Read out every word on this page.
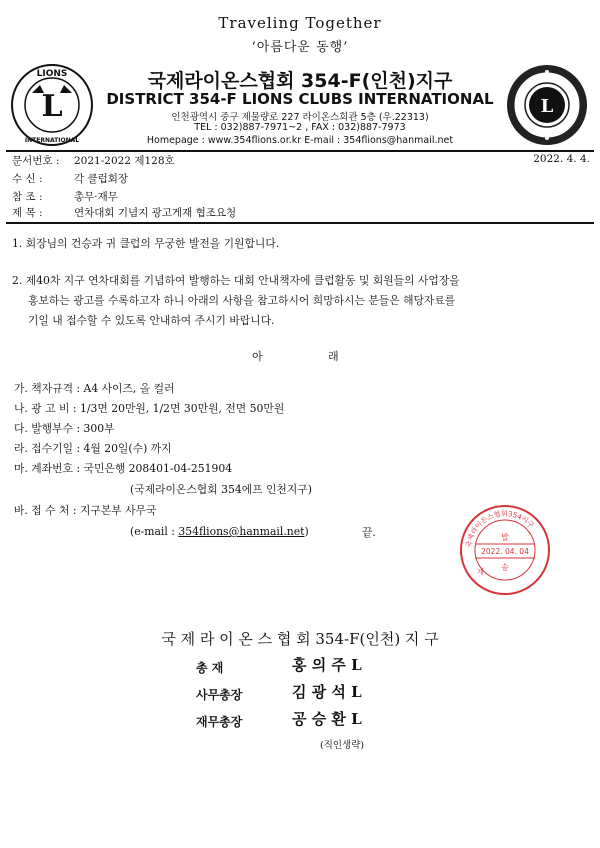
Traveling Together
‘아름다운 동행’
L
LIONS
INTERNATIONAL
L
국제라이온스협회 354-F(인천)지구
DISTRICT 354-F LIONS CLUBS INTERNATIONAL
인천광역시 중구 제물량로 227 라이온스회관 5층 (우.22313)
TEL : 032)887-7971~2 , FAX : 032)887-7973
Homepage : www.354flions.or.kr E-mail : 354flions@hanmail.net
문서번호 : 2021-2022 제128호	2022. 4. 4.
수 신 :	각 클럽회장
참 조 :	총무·재무
제 목 :	연차대회 기념지 광고게재 협조요청
1. 회장님의 건승과 귀 클럽의 무궁한 발전을 기원합니다.
2. 제40차 지구 연차대회를 기념하여 발행하는 대회 안내책자에 클럽활동 및 회원들의 사업장을
홍보하는 광고를 수록하고자 하니 아래의 사항을 참고하시어 희망하시는 분들은 해당자료를
기일 내 접수할 수 있도록 안내하여 주시기 바랍니다.
아	래
가. 책자규격 : A4 사이즈, 올 컬러
나. 광 고 비 : 1/3면 20만원, 1/2면 30만원, 전면 50만원
다. 발행부수 : 300부
라. 접수기일 : 4월 20일(수) 까지
마. 계좌번호 : 국민은행 208401-04-251904
(국제라이온스협회 354에프 인천지구)
바. 접 수 처 : 지구본부 사무국
(e-mail : 354flions@hanmail.net)	끝.
국제라이온스협회354지구
발
2022. 04. 04
송
계
국 제 라 이 온 스 협 회 354-F(인천) 지 구
총 재	홍 의 주 L
사무총장	김 광 석 L
재무총장	공 승 환 L
(직인생략)
